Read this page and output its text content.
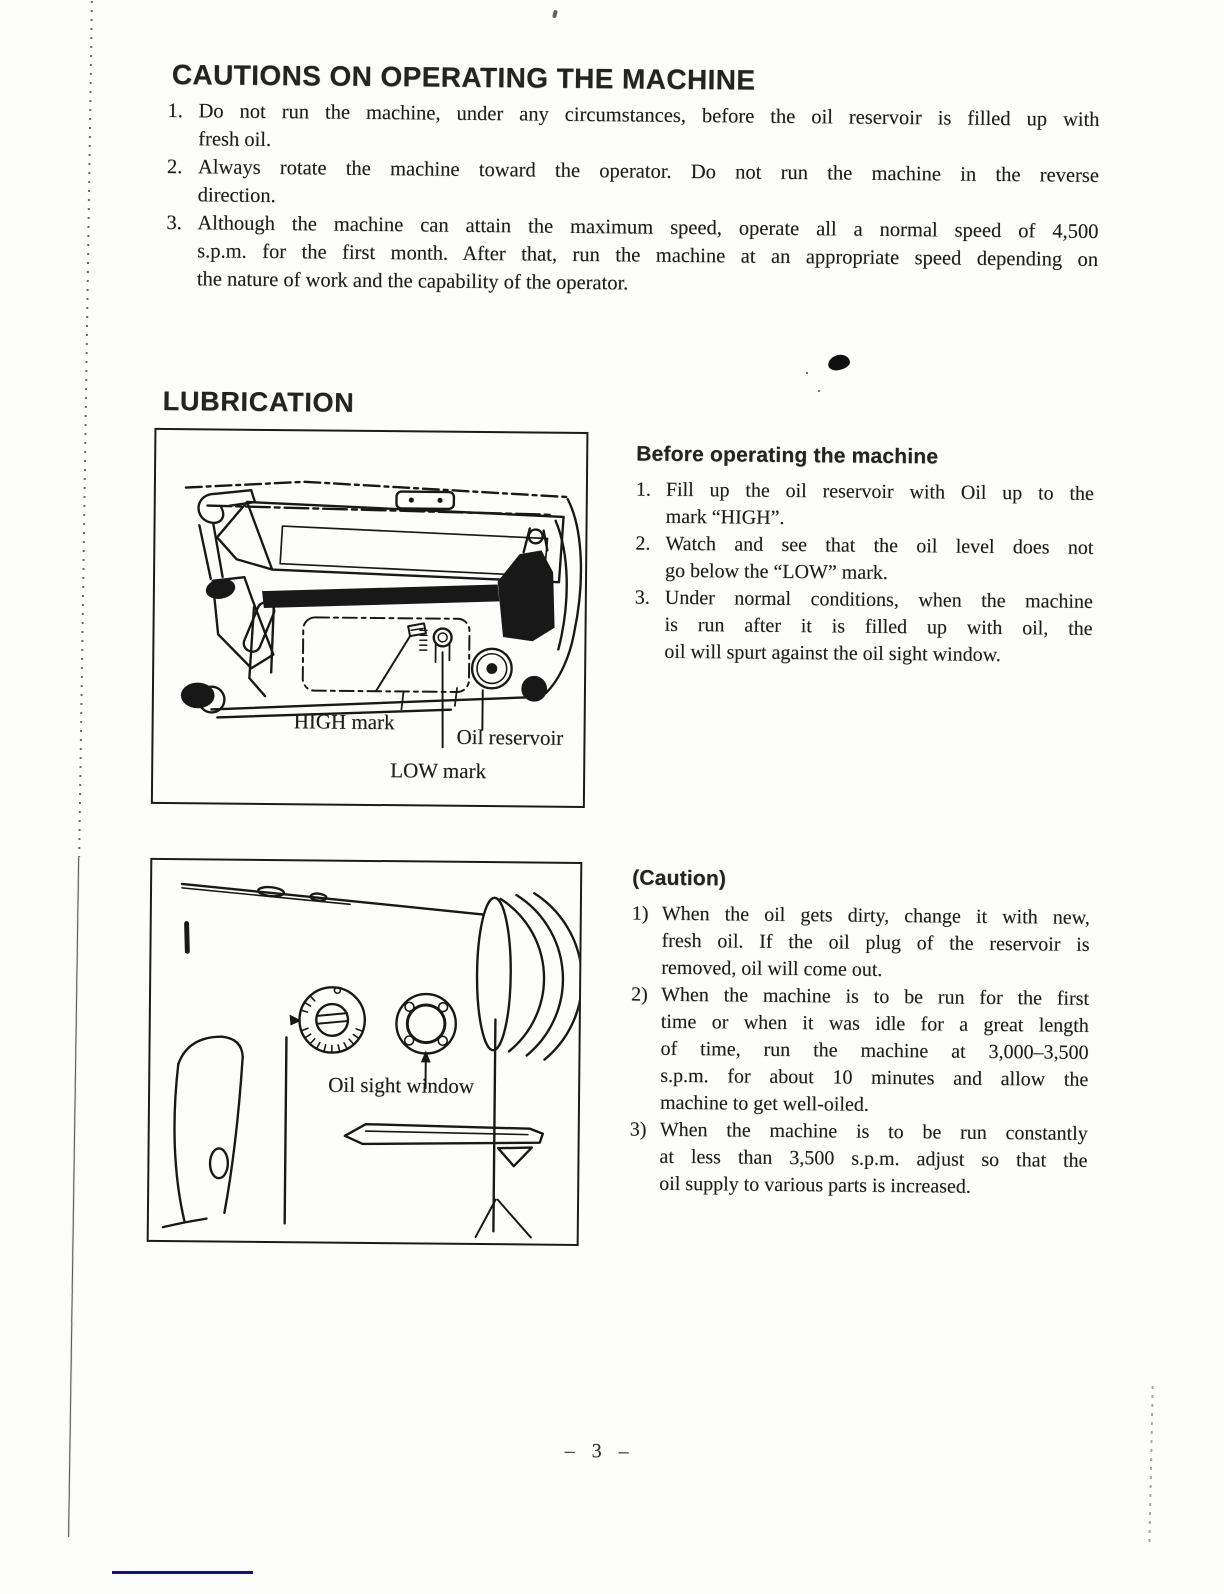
CAUTIONS ON OPERATING THE MACHINE
1. Do not run the machine, under any circumstances, before the oil reservoir is filled up with
fresh oil.
2. Always rotate the machine toward the operator. Do not run the machine in the reverse
direction.
3. Although the machine can attain the maximum speed, operate all a normal speed of 4,500
s.p.m. for the first month. After that, run the machine at an appropriate speed depending on
the nature of work and the capability of the operator.
LUBRICATION
HIGH mark
Oil reservoir
LOW mark
Before operating the machine
1. Fill up the oil reservoir with Oil up to the
mark “HIGH”.
2. Watch and see that the oil level does not
go below the “LOW” mark.
3. Under normal conditions, when the machine
is run after it is filled up with oil, the
oil will spurt against the oil sight window.
Oil sight window
(Caution)
1) When the oil gets dirty, change it with new,
fresh oil. If the oil plug of the reservoir is
removed, oil will come out.
2) When the machine is to be run for the first
time or when it was idle for a great length
of time, run the machine at 3,000–3,500
s.p.m. for about 10 minutes and allow the
machine to get well-oiled.
3) When the machine is to be run constantly
at less than 3,500 s.p.m. adjust so that the
oil supply to various parts is increased.
– 3 –
